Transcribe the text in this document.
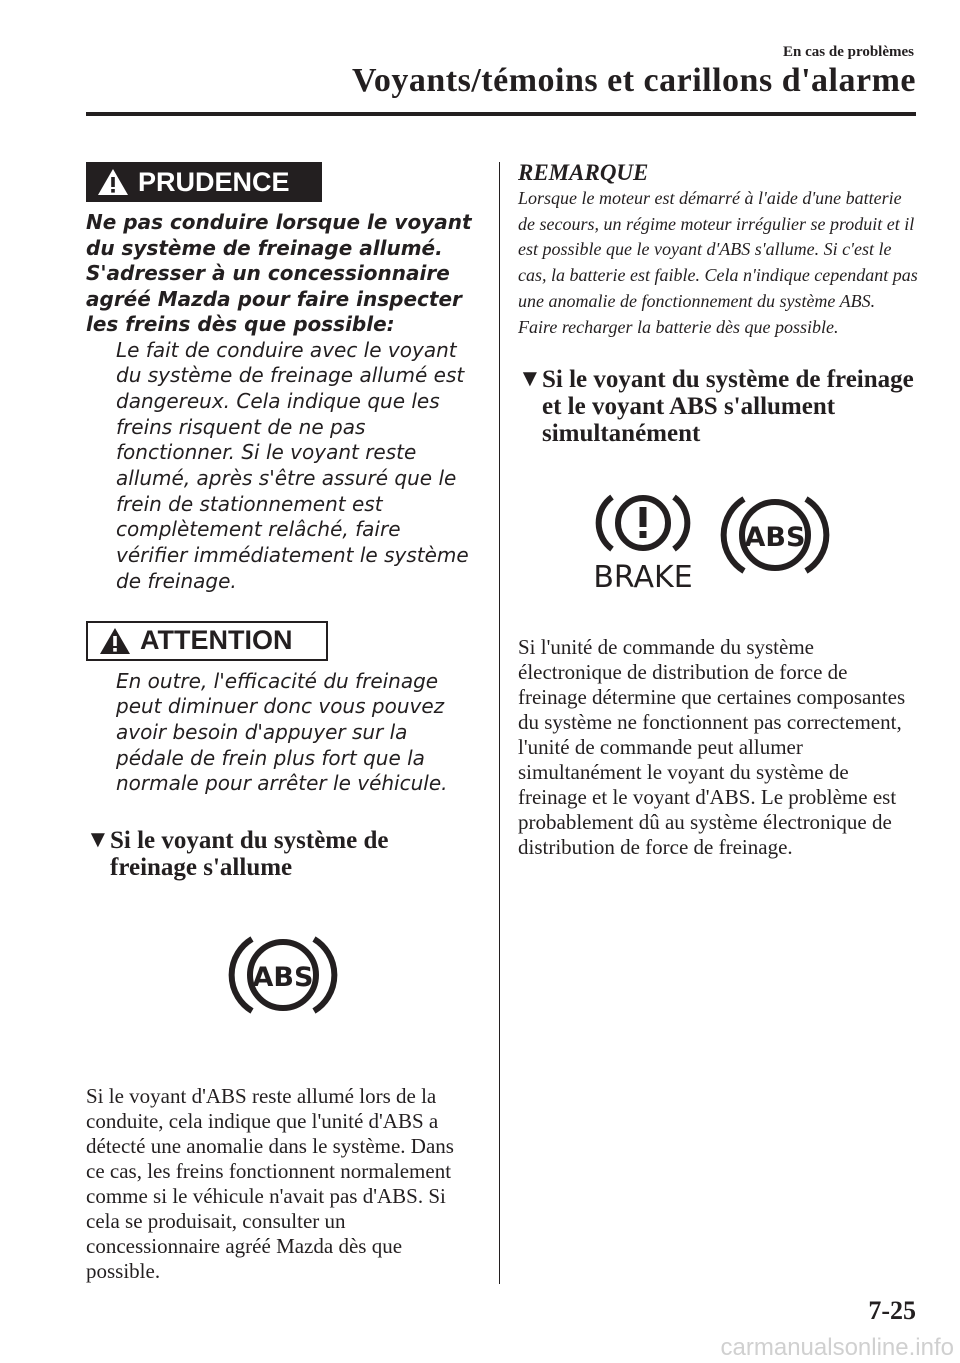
En cas de problèmes
Voyants/témoins et carillons d'alarme
PRUDENCE
Ne pas conduire lorsque le voyant du système de freinage allumé. S'adresser à un concessionnaire agréé Mazda pour faire inspecter les freins dès que possible:
Le fait de conduire avec le voyant du système de freinage allumé est dangereux. Cela indique que les freins risquent de ne pas fonctionner. Si le voyant reste allumé, après s'être assuré que le frein de stationnement est complètement relâché, faire vérifier immédiatement le système de freinage.
ATTENTION
En outre, l'efficacité du freinage peut diminuer donc vous pouvez avoir besoin d'appuyer sur la pédale de frein plus fort que la normale pour arrêter le véhicule.
▼ Si le voyant du système de freinage s'allume
ABS
Si le voyant d'ABS reste allumé lors de la conduite, cela indique que l'unité d'ABS a détecté une anomalie dans le système. Dans ce cas, les freins fonctionnent normalement comme si le véhicule n'avait pas d'ABS. Si cela se produisait, consulter un concessionnaire agréé Mazda dès que possible.
REMARQUE
Lorsque le moteur est démarré à l'aide d'une batterie de secours, un régime moteur irrégulier se produit et il est possible que le voyant d'ABS s'allume. Si c'est le cas, la batterie est faible. Cela n'indique cependant pas une anomalie de fonctionnement du système ABS.
Faire recharger la batterie dès que possible.
▼ Si le voyant du système de freinage et le voyant ABS s'allument simultanément
BRAKE
ABS
Si l'unité de commande du système électronique de distribution de force de freinage détermine que certaines composantes du système ne fonctionnent pas correctement, l'unité de commande peut allumer simultanément le voyant du système de freinage et le voyant d'ABS. Le problème est probablement dû au système électronique de distribution de force de freinage.
7-25
carmanualsonline.info
